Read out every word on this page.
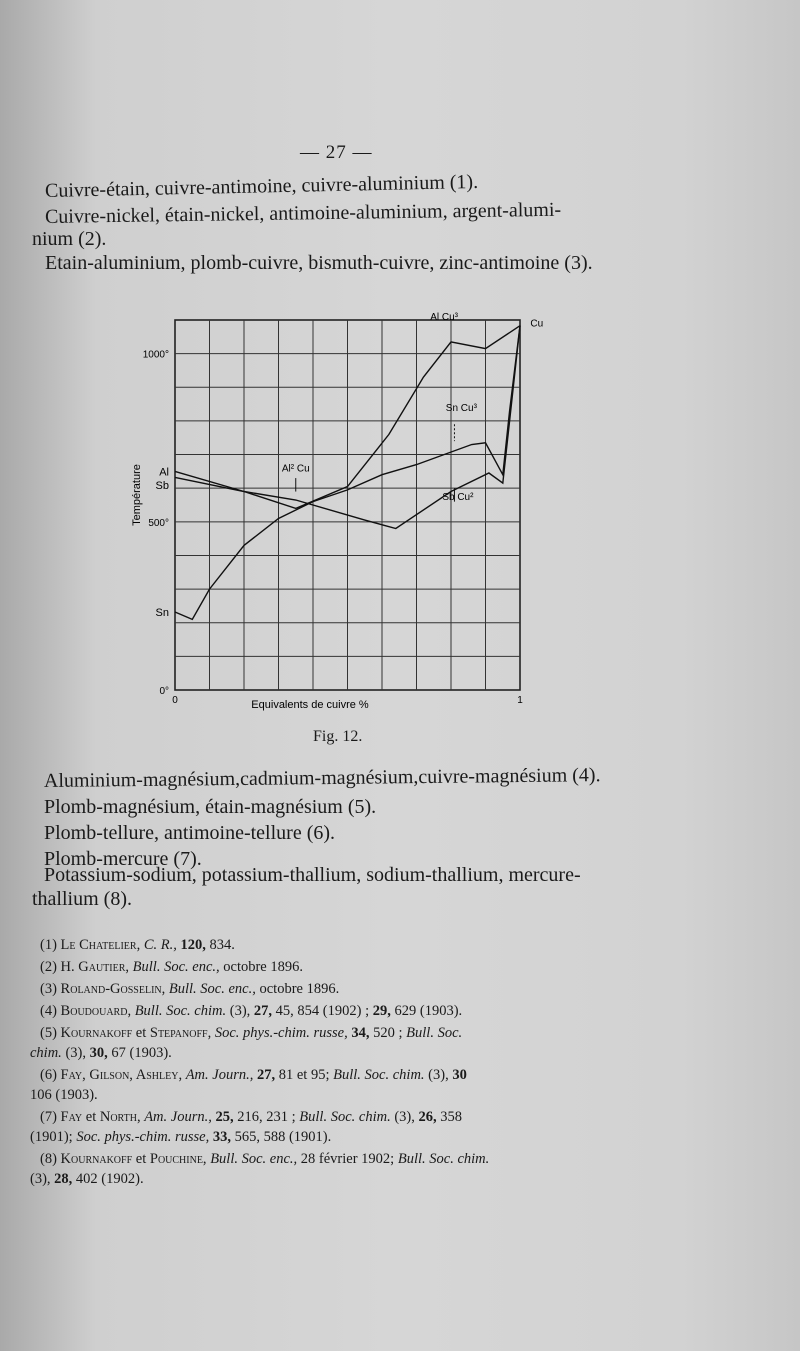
— 27 —
Cuivre-étain, cuivre-antimoine, cuivre-aluminium (1).
Cuivre-nickel, étain-nickel, antimoine-aluminium, argent-alumi-
nium (2).
Etain-aluminium, plomb-cuivre, bismuth-cuivre, zinc-antimoine (3).
0°
500°
1000°
0	1
Al
Sb
Sn
Equivalents de cuivre %
Température
Al Cu³
Cu
Sn Cu³
Al² Cu
Sb Cu²
Fig. 12.
Aluminium-magnésium,cadmium-magnésium,cuivre-magnésium (4).
Plomb-magnésium, étain-magnésium (5).
Plomb-tellure, antimoine-tellure (6).
Plomb-mercure (7).
Potassium-sodium, potassium-thallium, sodium-thallium, mercure-
thallium (8).
(1) Le Chatelier, C. R., 120, 834.
(2) H. Gautier, Bull. Soc. enc., octobre 1896.
(3) Roland-Gosselin, Bull. Soc. enc., octobre 1896.
(4) Boudouard, Bull. Soc. chim. (3), 27, 45, 854 (1902) ; 29, 629 (1903).
(5) Kournakoff et Stepanoff, Soc. phys.-chim. russe, 34, 520 ; Bull. Soc.
chim. (3), 30, 67 (1903).
(6) Fay, Gilson, Ashley, Am. Journ., 27, 81 et 95; Bull. Soc. chim. (3), 30
106 (1903).
(7) Fay et North, Am. Journ., 25, 216, 231 ; Bull. Soc. chim. (3), 26, 358
(1901); Soc. phys.-chim. russe, 33, 565, 588 (1901).
(8) Kournakoff et Pouchine, Bull. Soc. enc., 28 février 1902; Bull. Soc. chim.
(3), 28, 402 (1902).
